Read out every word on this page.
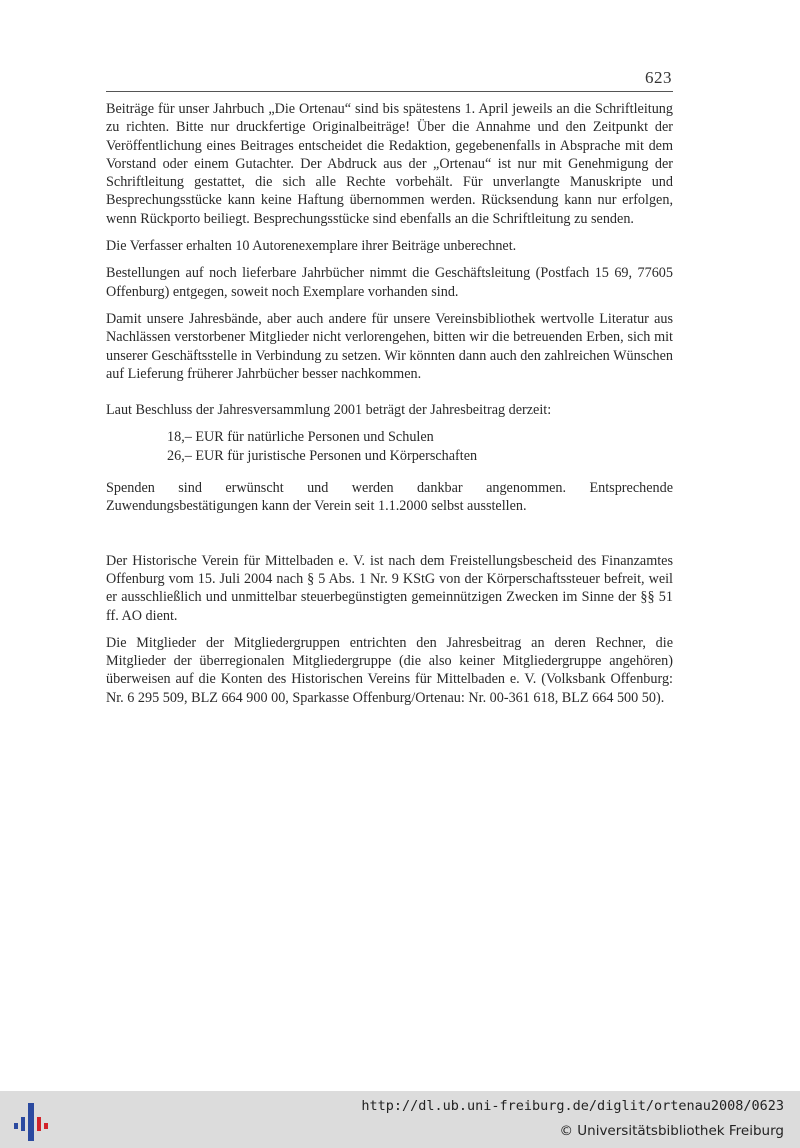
623

Beiträge für unser Jahrbuch „Die Ortenau“ sind bis spätestens 1. April jeweils an die Schriftleitung zu richten. Bitte nur druckfertige Originalbeiträge! Über die Annahme und den Zeitpunkt der Veröffentlichung eines Beitrages entscheidet die Redaktion, gegebenenfalls in Absprache mit dem Vorstand oder einem Gutachter. Der Abdruck aus der „Ortenau“ ist nur mit Genehmigung der Schriftleitung gestattet, die sich alle Rechte vorbehält. Für unverlangte Manuskripte und Besprechungsstücke kann keine Haftung übernommen werden. Rücksendung kann nur erfolgen, wenn Rückporto beiliegt. Besprechungsstücke sind ebenfalls an die Schriftleitung zu senden.

Die Verfasser erhalten 10 Autorenexemplare ihrer Beiträge unberechnet.

Bestellungen auf noch lieferbare Jahrbücher nimmt die Geschäftsleitung (Postfach 15 69, 77605 Offenburg) entgegen, soweit noch Exemplare vorhanden sind.

Damit unsere Jahresbände, aber auch andere für unsere Vereinsbibliothek wertvolle Literatur aus Nachlässen verstorbener Mitglieder nicht verlorengehen, bitten wir die betreuenden Erben, sich mit unserer Geschäftsstelle in Verbindung zu setzen. Wir könnten dann auch den zahlreichen Wünschen auf Lieferung früherer Jahrbücher besser nachkommen.

Laut Beschluss der Jahresversammlung 2001 beträgt der Jahresbeitrag derzeit:

18,– EUR für natürliche Personen und Schulen
26,– EUR für juristische Personen und Körperschaften

Spenden sind erwünscht und werden dankbar angenommen. Entsprechende Zuwendungsbestätigungen kann der Verein seit 1.1.2000 selbst ausstellen.

Der Historische Verein für Mittelbaden e. V. ist nach dem Freistellungsbescheid des Finanzamtes Offenburg vom 15. Juli 2004 nach § 5 Abs. 1 Nr. 9 KStG von der Körperschaftssteuer befreit, weil er ausschließlich und unmittelbar steuerbegünstigten gemeinnützigen Zwecken im Sinne der §§ 51 ff. AO dient.

Die Mitglieder der Mitgliedergruppen entrichten den Jahresbeitrag an deren Rechner, die Mitglieder der überregionalen Mitgliedergruppe (die also keiner Mitgliedergruppe angehören) überweisen auf die Konten des Historischen Vereins für Mittelbaden e. V. (Volksbank Offenburg: Nr. 6 295 509, BLZ 664 900 00, Sparkasse Offenburg/Ortenau: Nr. 00-361 618, BLZ 664 500 50).

http://dl.ub.uni-freiburg.de/diglit/ortenau2008/0623
© Universitätsbibliothek Freiburg
